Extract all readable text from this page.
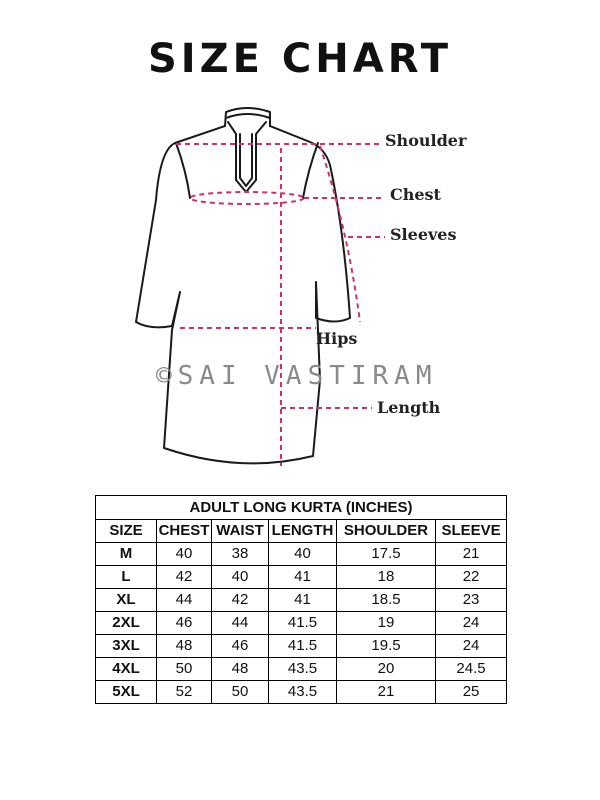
SIZE CHART
Shoulder
Chest
Sleeves
Hips
Length
©SAI VASTIRAM
ADULT LONG KURTA (INCHES)					
SIZE	CHEST	WAIST	LENGTH	SHOULDER	SLEEVE
M	40	38	40	17.5	21
L	42	40	41	18	22
XL	44	42	41	18.5	23
2XL	46	44	41.5	19	24
3XL	48	46	41.5	19.5	24
4XL	50	48	43.5	20	24.5
5XL	52	50	43.5	21	25
